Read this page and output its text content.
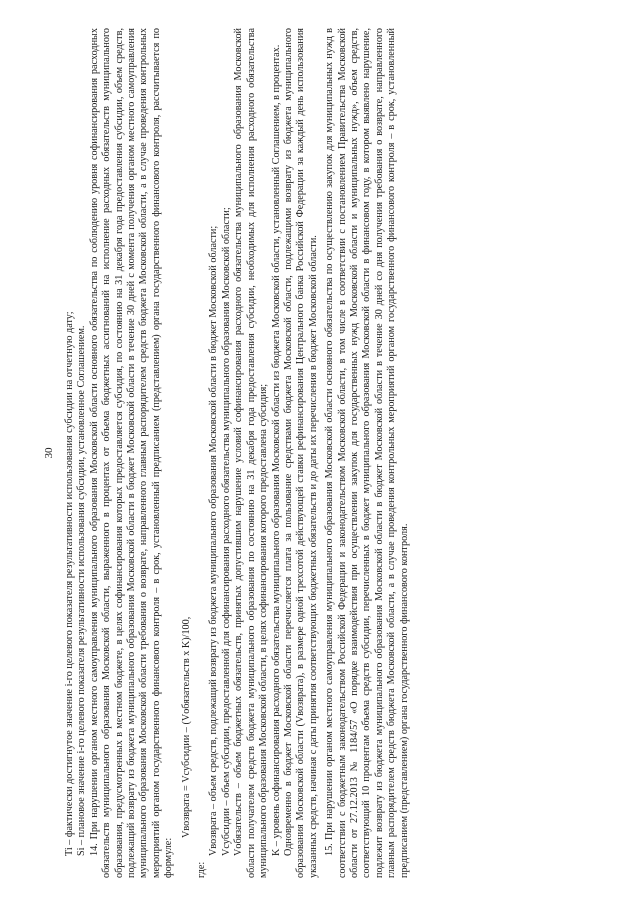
30 Ti – фактически достигнутое значение i-го целевого показателя результативности использования субсидии на отчетную дату; Si – плановое значение i-го целевого показателя результативности использования субсидии, установленное Соглашением. 14. При нарушении органом местного самоуправления муниципального образования Московской области основного обязательства по соблюдению уровня софинансирования расходных обязательств муниципального образования Московской области, выраженного в процентах от объема бюджетных ассигнований на исполнение расходных обязательств муниципального образования, предусмотренных в местном бюджете, в целях софинансирования которых предоставляется субсидия, по состоянию на 31 декабря года предоставления субсидии, объем средств, подлежащий возврату из бюджета муниципального образования Московской области в бюджет Московской области в течение 30 дней с момента получения органом местного самоуправления муниципального образования Московской области требования о возврате, направленного главным распорядителем средств бюджета Московской области, а в случае проведения контрольных мероприятий органом государственного финансового контроля – в срок, установленный предписанием (представлением) органа государственного финансового контроля, рассчитывается по формуле:

Vвозврата = Vсубсидии – (Vобязательств х K)/100,

где:

Vвозврата – объем средств, подлежащий возврату из бюджета муниципального образования Московской области в бюджет Московской области; Vсубсидии – объем субсидии, предоставленной для софинансирования расходного обязательства муниципального образования Московской области; Vобязательств – объем бюджетных обязательств, принятых допустившим нарушение условий софинансирования расходного обязательства муниципального образования Московской области получателем средств бюджета муниципального образования по состоянию на 31 декабря года предоставления субсидии, необходимых для исполнения расходного обязательства муниципального образования Московской области, в целях софинансирования которого предоставлена субсидия; K – уровень софинансирования расходного обязательства муниципального образования Московской области из бюджета Московской области, установленный Соглашением, в процентах. Одновременно в бюджет Московской области перечисляется плата за пользование средствами бюджета Московской области, подлежащими возврату из бюджета муниципального образования Московской области (Vвозврата), в размере одной трехсотой действующей ставки рефинансирования Центрального банка Российской Федерации за каждый день использования указанных средств, начиная с даты принятия соответствующих бюджетных обязательств и до даты их перечисления в бюджет Московской области. 15. При нарушении органом местного самоуправления муниципального образования Московской области основного обязательства по осуществлению закупок для муниципальных нужд в соответствии с бюджетным законодательством Российской Федерации и законодательством Московской области, в том числе в соответствии с постановлением Правительства Московской области от 27.12.2013 № 1184/57 «О порядке взаимодействия при осуществлении закупок для государственных нужд Московской области и муниципальных нужд», объем средств, соответствующий 10 процентам объема средств субсидии, перечисленных в бюджет муниципального образования Московской области в финансовом году, в котором выявлено нарушение, подлежит возврату из бюджета муниципального образования Московской области в бюджет Московской области в течение 30 дней со дня получения требования о возврате, направленного главным распорядителем средств бюджета Московской области, а в случае проведения контрольных мероприятий органом государственного финансового контроля – в срок, установленный предписанием (представлением) органа государственного финансового контроля.
